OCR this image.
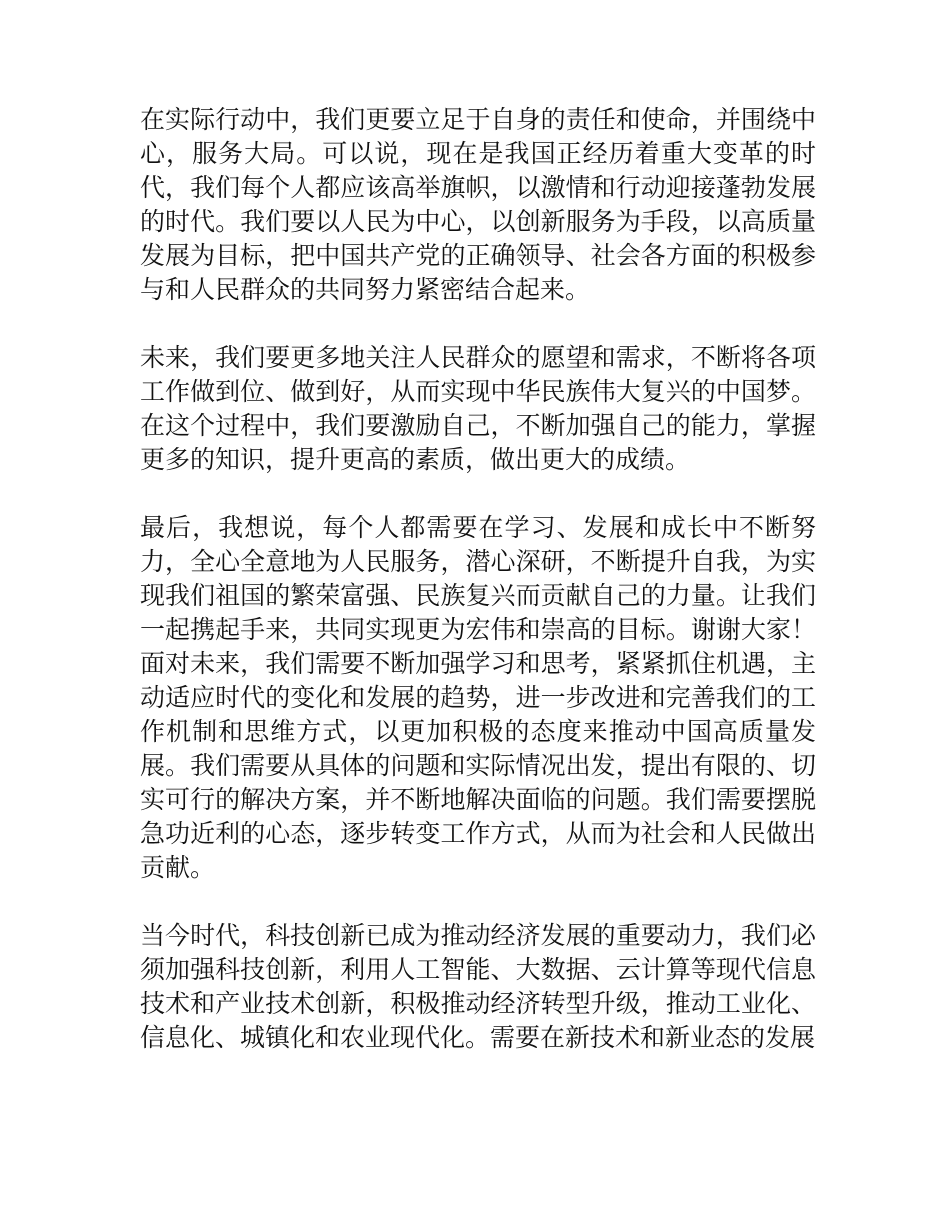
在实际行动中，我们更要立足于自身的责任和使命，并围绕中心，服务大局。可以说，现在是我国正经历着重大变革的时代，我们每个人都应该高举旗帜，以激情和行动迎接蓬勃发展的时代。我们要以人民为中心，以创新服务为手段，以高质量发展为目标，把中国共产党的正确领导、社会各方面的积极参与和人民群众的共同努力紧密结合起来。

未来，我们要更多地关注人民群众的愿望和需求，不断将各项工作做到位、做到好，从而实现中华民族伟大复兴的中国梦。在这个过程中，我们要激励自己，不断加强自己的能力，掌握更多的知识，提升更高的素质，做出更大的成绩。

最后，我想说，每个人都需要在学习、发展和成长中不断努力，全心全意地为人民服务，潜心深研，不断提升自我，为实现我们祖国的繁荣富强、民族复兴而贡献自己的力量。让我们一起携起手来，共同实现更为宏伟和崇高的目标。谢谢大家！面对未来，我们需要不断加强学习和思考，紧紧抓住机遇，主动适应时代的变化和发展的趋势，进一步改进和完善我们的工作机制和思维方式，以更加积极的态度来推动中国高质量发展。我们需要从具体的问题和实际情况出发，提出有限的、切实可行的解决方案，并不断地解决面临的问题。我们需要摆脱急功近利的心态，逐步转变工作方式，从而为社会和人民做出贡献。

当今时代，科技创新已成为推动经济发展的重要动力，我们必须加强科技创新，利用人工智能、大数据、云计算等现代信息技术和产业技术创新，积极推动经济转型升级，推动工业化、信息化、城镇化和农业现代化。需要在新技术和新业态的发展
